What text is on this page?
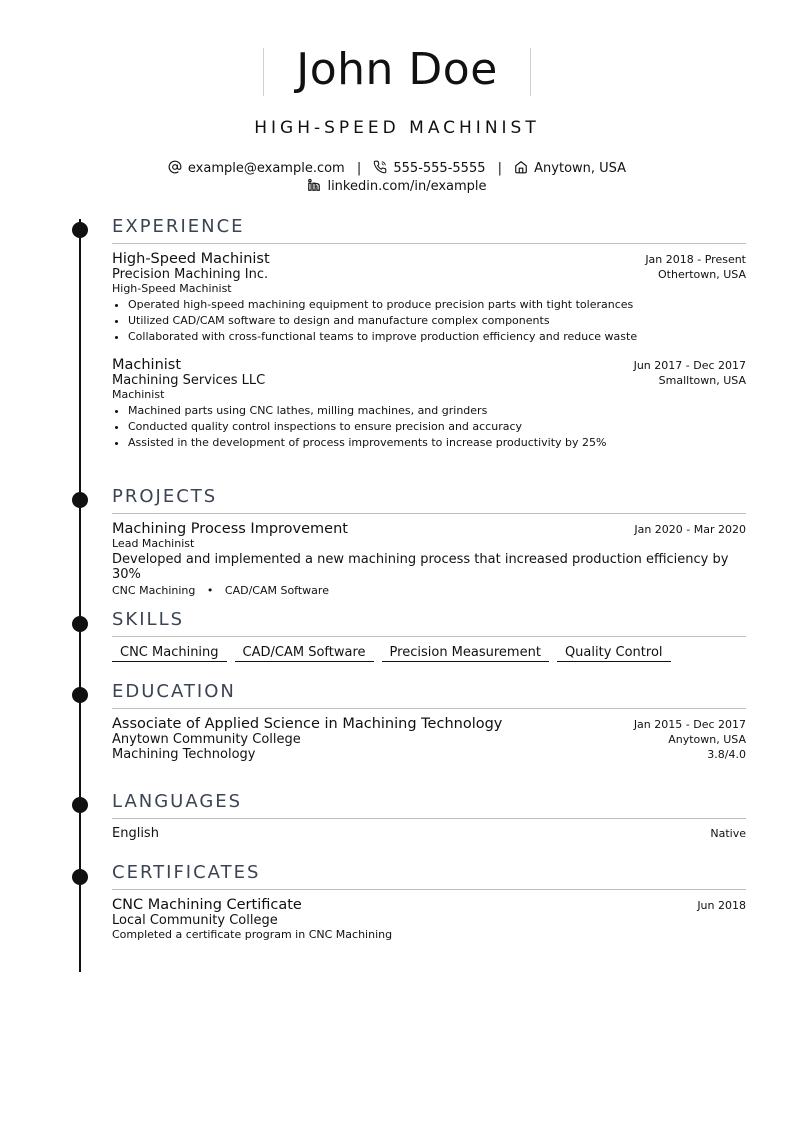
John Doe
HIGH-SPEED MACHINIST
example@example.com | 555-555-5555 | Anytown, USA
linkedin.com/in/example
EXPERIENCE
High-Speed Machinist	Jan 2018 - Present
Precision Machining Inc.	Othertown, USA
High-Speed Machinist
• Operated high-speed machining equipment to produce precision parts with tight tolerances
• Utilized CAD/CAM software to design and manufacture complex components
• Collaborated with cross-functional teams to improve production efficiency and reduce waste
Machinist	Jun 2017 - Dec 2017
Machining Services LLC	Smalltown, USA
Machinist
• Machined parts using CNC lathes, milling machines, and grinders
• Conducted quality control inspections to ensure precision and accuracy
• Assisted in the development of process improvements to increase productivity by 25%
PROJECTS
Machining Process Improvement	Jan 2020 - Mar 2020
Lead Machinist
Developed and implemented a new machining process that increased production efficiency by 30%
CNC Machining • CAD/CAM Software
SKILLS
CNC Machining	CAD/CAM Software	Precision Measurement	Quality Control
EDUCATION
Associate of Applied Science in Machining Technology	Jan 2015 - Dec 2017
Anytown Community College	Anytown, USA
Machining Technology	3.8/4.0
LANGUAGES
English	Native
CERTIFICATES
CNC Machining Certificate	Jun 2018
Local Community College
Completed a certificate program in CNC Machining
